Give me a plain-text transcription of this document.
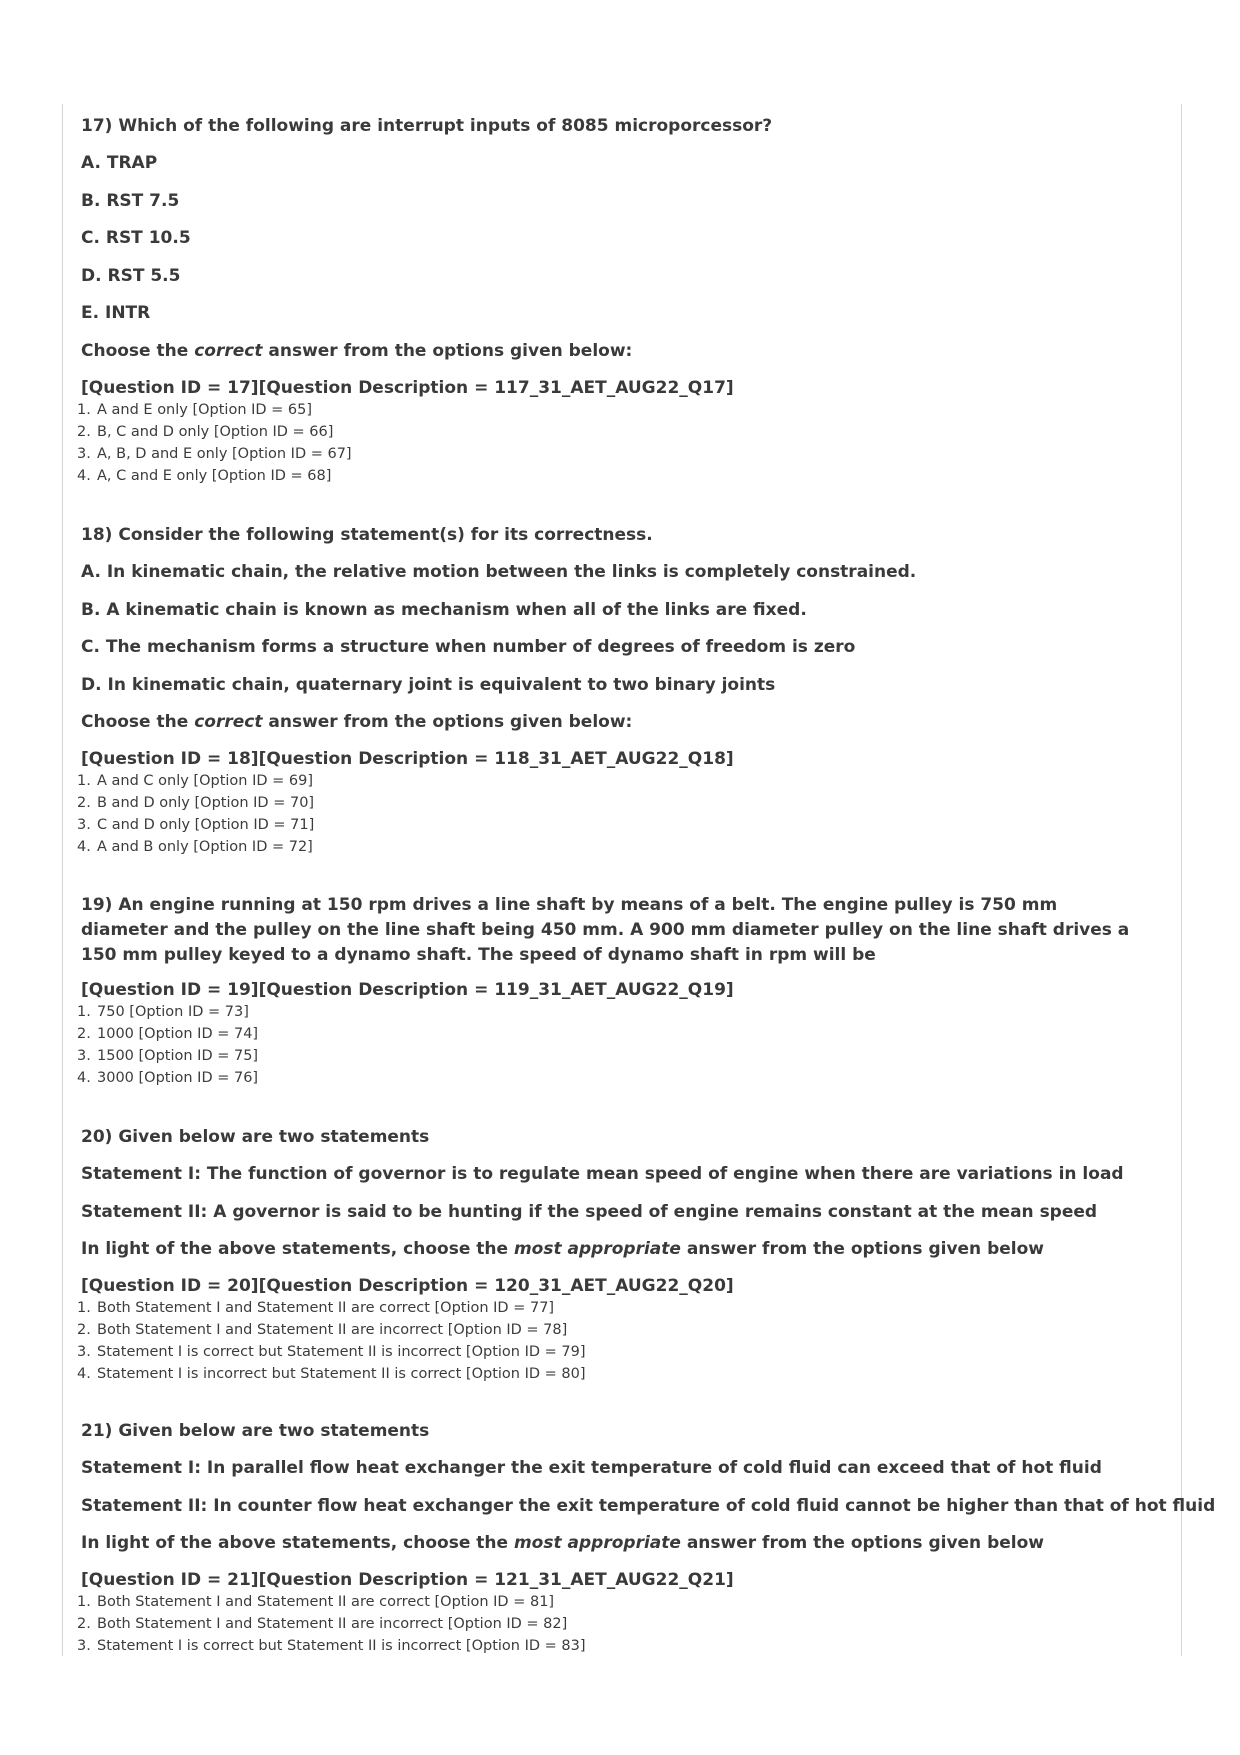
17) Which of the following are interrupt inputs of 8085 microporcessor?
A. TRAP
B. RST 7.5
C. RST 10.5
D. RST 5.5
E. INTR
Choose the correct answer from the options given below:
[Question ID = 17][Question Description = 117_31_AET_AUG22_Q17]
1. A and E only [Option ID = 65]
2. B, C and D only [Option ID = 66]
3. A, B, D and E only [Option ID = 67]
4. A, C and E only [Option ID = 68]
18) Consider the following statement(s) for its correctness.
A. In kinematic chain, the relative motion between the links is completely constrained.
B. A kinematic chain is known as mechanism when all of the links are fixed.
C. The mechanism forms a structure when number of degrees of freedom is zero
D. In kinematic chain, quaternary joint is equivalent to two binary joints
Choose the correct answer from the options given below:
[Question ID = 18][Question Description = 118_31_AET_AUG22_Q18]
1. A and C only [Option ID = 69]
2. B and D only [Option ID = 70]
3. C and D only [Option ID = 71]
4. A and B only [Option ID = 72]
19) An engine running at 150 rpm drives a line shaft by means of a belt. The engine pulley is 750 mm diameter and the pulley on the line shaft being 450 mm. A 900 mm diameter pulley on the line shaft drives a 150 mm pulley keyed to a dynamo shaft. The speed of dynamo shaft in rpm will be
[Question ID = 19][Question Description = 119_31_AET_AUG22_Q19]
1. 750 [Option ID = 73]
2. 1000 [Option ID = 74]
3. 1500 [Option ID = 75]
4. 3000 [Option ID = 76]
20) Given below are two statements
Statement I: The function of governor is to regulate mean speed of engine when there are variations in load
Statement II: A governor is said to be hunting if the speed of engine remains constant at the mean speed
In light of the above statements, choose the most appropriate answer from the options given below
[Question ID = 20][Question Description = 120_31_AET_AUG22_Q20]
1. Both Statement I and Statement II are correct [Option ID = 77]
2. Both Statement I and Statement II are incorrect [Option ID = 78]
3. Statement I is correct but Statement II is incorrect [Option ID = 79]
4. Statement I is incorrect but Statement II is correct [Option ID = 80]
21) Given below are two statements
Statement I: In parallel flow heat exchanger the exit temperature of cold fluid can exceed that of hot fluid
Statement II: In counter flow heat exchanger the exit temperature of cold fluid cannot be higher than that of hot fluid
In light of the above statements, choose the most appropriate answer from the options given below
[Question ID = 21][Question Description = 121_31_AET_AUG22_Q21]
1. Both Statement I and Statement II are correct [Option ID = 81]
2. Both Statement I and Statement II are incorrect [Option ID = 82]
3. Statement I is correct but Statement II is incorrect [Option ID = 83]
